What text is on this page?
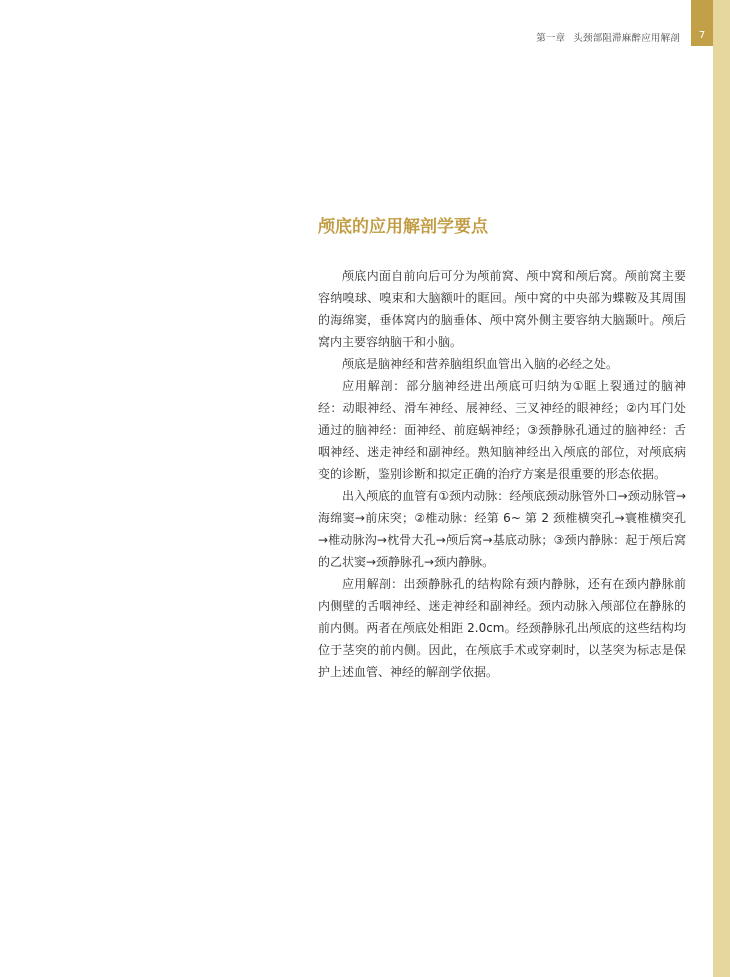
7
第一章 头颈部阻滞麻醉应用解剖
颅底的应用解剖学要点

颅底内面自前向后可分为颅前窝、颅中窝和颅后窝。颅前窝主要容纳嗅球、嗅束和大脑额叶的眶回。颅中窝的中央部为蝶鞍及其周围的海绵窦，垂体窝内的脑垂体、颅中窝外侧主要容纳大脑颞叶。颅后窝内主要容纳脑干和小脑。

颅底是脑神经和营养脑组织血管出入脑的必经之处。

应用解剖：部分脑神经进出颅底可归纳为①眶上裂通过的脑神经：动眼神经、滑车神经、展神经、三叉神经的眼神经；②内耳门处通过的脑神经：面神经、前庭蜗神经；③颈静脉孔通过的脑神经：舌咽神经、迷走神经和副神经。熟知脑神经出入颅底的部位，对颅底病变的诊断，鉴别诊断和拟定正确的治疗方案是很重要的形态依据。

出入颅底的血管有①颈内动脉：经颅底颈动脉管外口→颈动脉管→海绵窦→前床突；②椎动脉：经第 6~ 第 2 颈椎横突孔→寰椎横突孔→椎动脉沟→枕骨大孔→颅后窝→基底动脉；③颈内静脉：起于颅后窝的乙状窦→颈静脉孔→颈内静脉。

应用解剖：出颈静脉孔的结构除有颈内静脉，还有在颈内静脉前内侧壁的舌咽神经、迷走神经和副神经。颈内动脉入颅部位在静脉的前内侧。两者在颅底处相距 2.0cm。经颈静脉孔出颅底的这些结构均位于茎突的前内侧。因此，在颅底手术或穿刺时，以茎突为标志是保护上述血管、神经的解剖学依据。
